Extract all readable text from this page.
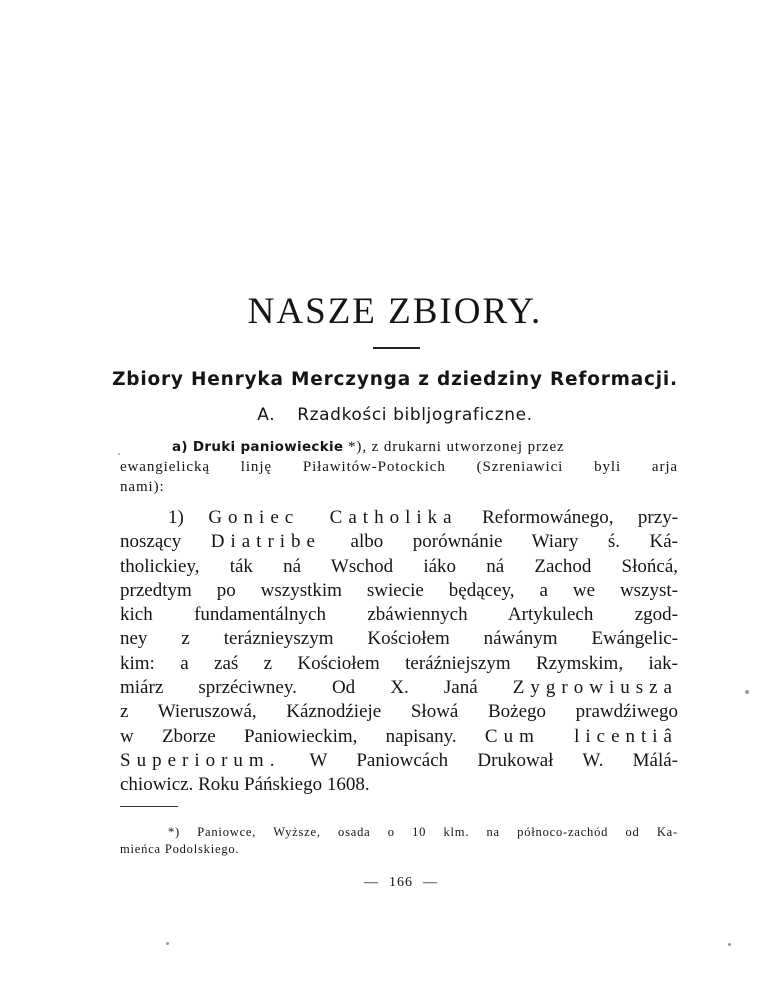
NASZE ZBIORY.
Zbiory Henryka Merczynga z dziedziny Reformacji.
A. Rzadkości bibljograficzne.
a) Druki paniowieckie *), z drukarni utworzonej przez
ewangielicką linję Piławitów-Potockich (Szreniawici byli arja
nami):
1) Goniec Catholika Reformowánego, przy-
noszący Diatribe albo porównánie Wiary ś. Ká-
tholickiey, ták ná Wschod iáko ná Zachod Słońcá,
przedtym po wszystkim swiecie będącey, a we wszyst-
kich fundamentálnych zbáwiennych Artykulech zgod-
ney z teráznieyszym Kościołem náwánym Ewángelic-
kim: a zaś z Kościołem teráźniejszym Rzymskim, iak-
miárz sprzéciwney. Od X. Janá Zygrowiusza
z Wieruszowá, Káznodźieje Słowá Bożego prawdźiwego
w Zborze Paniowieckim, napisany. Cum licentiâ
Superiorum. W Paniowcách Drukował W. Málá-
chiowicz. Roku Páńskiego 1608.
*) Paniowce, Wyższe, osada o 10 klm. na północo-zachód od Ka-
mieńca Podolskiego.
— 166 —
